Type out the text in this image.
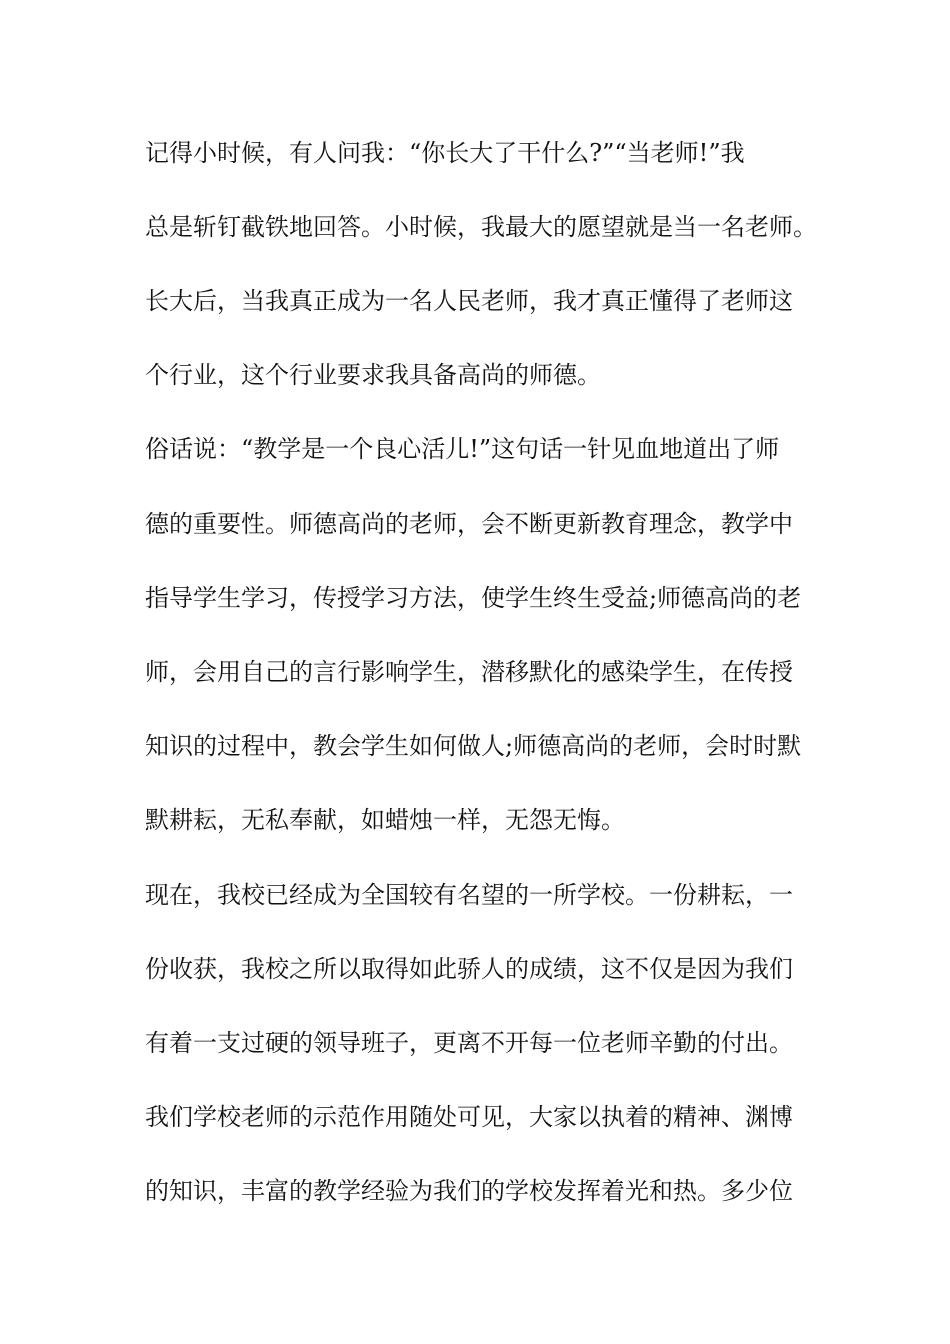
记得小时候，有人问我：“你长大了干什么?”“当老师!”我
总是斩钉截铁地回答。小时候，我最大的愿望就是当一名老师。
长大后，当我真正成为一名人民老师，我才真正懂得了老师这
个行业，这个行业要求我具备高尚的师德。
俗话说：“教学是一个良心活儿!”这句话一针见血地道出了师
德的重要性。师德高尚的老师，会不断更新教育理念，教学中
指导学生学习，传授学习方法，使学生终生受益;师德高尚的老
师，会用自己的言行影响学生，潜移默化的感染学生，在传授
知识的过程中，教会学生如何做人;师德高尚的老师，会时时默
默耕耘，无私奉献，如蜡烛一样，无怨无悔。
现在，我校已经成为全国较有名望的一所学校。一份耕耘，一
份收获，我校之所以取得如此骄人的成绩，这不仅是因为我们
有着一支过硬的领导班子，更离不开每一位老师辛勤的付出。
我们学校老师的示范作用随处可见，大家以执着的精神、渊博
的知识，丰富的教学经验为我们的学校发挥着光和热。多少位
